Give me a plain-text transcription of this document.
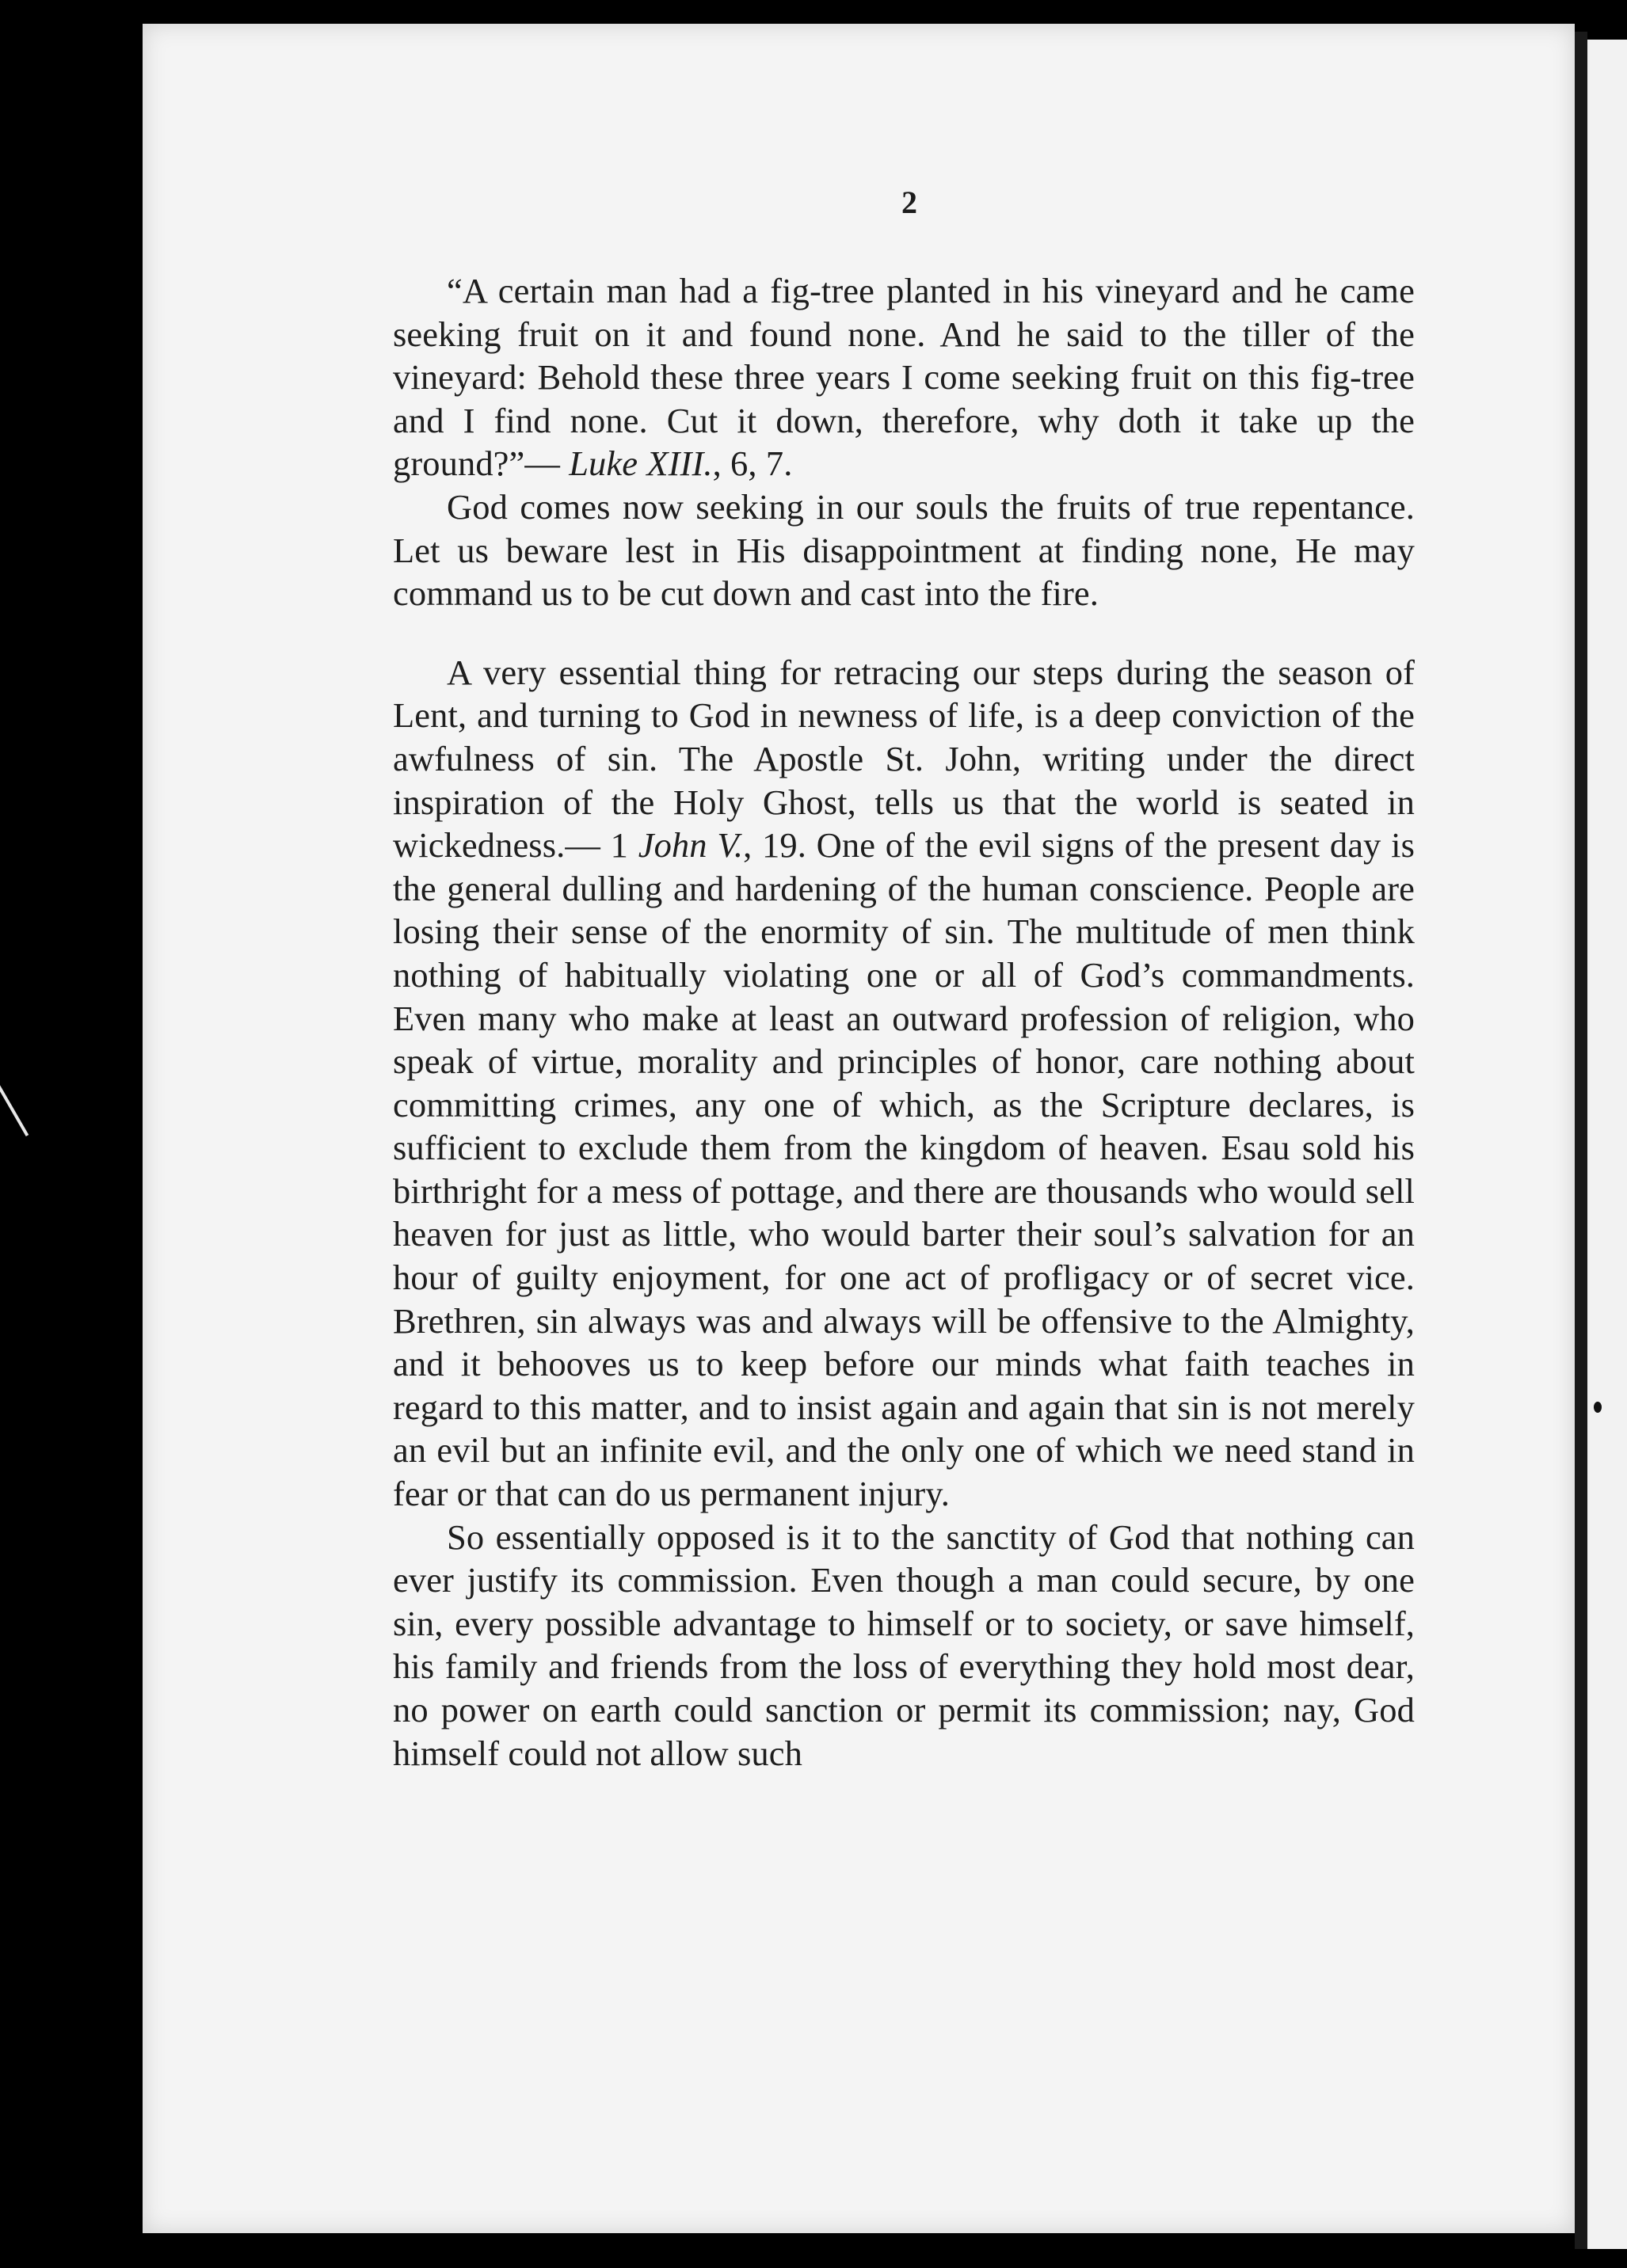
2

“A certain man had a fig-tree planted in his vineyard and he came seeking fruit on it and found none. And he said to the tiller of the vineyard: Behold these three years I come seeking fruit on this fig-tree and I find none. Cut it down, therefore, why doth it take up the ground?”— Luke XIII., 6, 7.

God comes now seeking in our souls the fruits of true repentance. Let us beware lest in His disappointment at finding none, He may command us to be cut down and cast into the fire.

A very essential thing for retracing our steps during the season of Lent, and turning to God in newness of life, is a deep conviction of the awfulness of sin. The Apostle St. John, writing under the direct inspiration of the Holy Ghost, tells us that the world is seated in wickedness.— 1 John V., 19. One of the evil signs of the present day is the general dulling and hardening of the human conscience. People are losing their sense of the enormity of sin. The multitude of men think nothing of habitually violating one or all of God’s commandments. Even many who make at least an outward profession of religion, who speak of virtue, morality and principles of honor, care nothing about committing crimes, any one of which, as the Scripture declares, is sufficient to exclude them from the kingdom of heaven. Esau sold his birthright for a mess of pottage, and there are thousands who would sell heaven for just as little, who would barter their soul’s salvation for an hour of guilty enjoyment, for one act of profligacy or of secret vice. Brethren, sin always was and always will be offensive to the Almighty, and it behooves us to keep before our minds what faith teaches in regard to this matter, and to insist again and again that sin is not merely an evil but an infinite evil, and the only one of which we need stand in fear or that can do us permanent injury.

So essentially opposed is it to the sanctity of God that nothing can ever justify its commission. Even though a man could secure, by one sin, every possible advantage to himself or to society, or save himself, his family and friends from the loss of everything they hold most dear, no power on earth could sanction or permit its commission; nay, God himself could not allow such
